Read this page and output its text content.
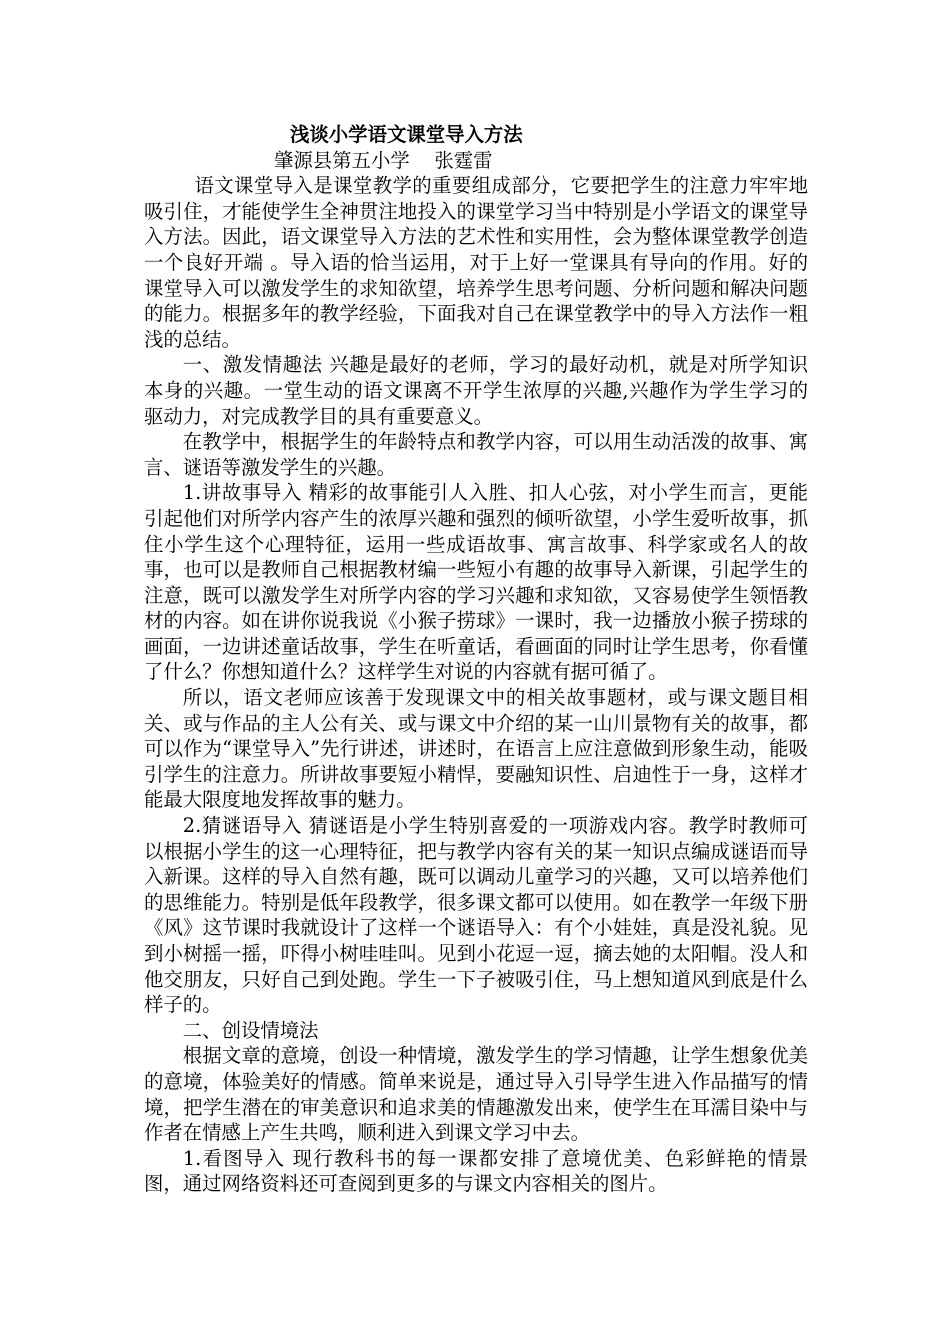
浅谈小学语文课堂导入方法

肇源县第五小学    张霆雷

语文课堂导入是课堂教学的重要组成部分，它要把学生的注意力牢牢地吸引住，才能使学生全神贯注地投入的课堂学习当中特别是小学语文的课堂导入方法。因此，语文课堂导入方法的艺术性和实用性，会为整体课堂教学创造一个良好开端 。导入语的恰当运用，对于上好一堂课具有导向的作用。好的课堂导入可以激发学生的求知欲望，培养学生思考问题、分析问题和解决问题的能力。根据多年的教学经验，下面我对自己在课堂教学中的导入方法作一粗浅的总结。

一、激发情趣法 兴趣是最好的老师，学习的最好动机，就是对所学知识本身的兴趣。一堂生动的语文课离不开学生浓厚的兴趣,兴趣作为学生学习的驱动力，对完成教学目的具有重要意义。

在教学中，根据学生的年龄特点和教学内容，可以用生动活泼的故事、寓言、谜语等激发学生的兴趣。

1.讲故事导入 精彩的故事能引人入胜、扣人心弦，对小学生而言，更能引起他们对所学内容产生的浓厚兴趣和强烈的倾听欲望，小学生爱听故事，抓住小学生这个心理特征，运用一些成语故事、寓言故事、科学家或名人的故事，也可以是教师自己根据教材编一些短小有趣的故事导入新课，引起学生的注意，既可以激发学生对所学内容的学习兴趣和求知欲，又容易使学生领悟教材的内容。如在讲你说我说《小猴子捞球》一课时，我一边播放小猴子捞球的画面，一边讲述童话故事，学生在听童话，看画面的同时让学生思考，你看懂了什么？你想知道什么？这样学生对说的内容就有据可循了。

所以，语文老师应该善于发现课文中的相关故事题材，或与课文题目相关、或与作品的主人公有关、或与课文中介绍的某一山川景物有关的故事，都可以作为“课堂导入”先行讲述，讲述时，在语言上应注意做到形象生动，能吸引学生的注意力。所讲故事要短小精悍，要融知识性、启迪性于一身，这样才能最大限度地发挥故事的魅力。

2.猜谜语导入 猜谜语是小学生特别喜爱的一项游戏内容。教学时教师可以根据小学生的这一心理特征，把与教学内容有关的某一知识点编成谜语而导入新课。这样的导入自然有趣，既可以调动儿童学习的兴趣，又可以培养他们的思维能力。特别是低年段教学，很多课文都可以使用。如在教学一年级下册《风》这节课时我就设计了这样一个谜语导入：有个小娃娃，真是没礼貌。见到小树摇一摇，吓得小树哇哇叫。见到小花逗一逗，摘去她的太阳帽。没人和他交朋友，只好自己到处跑。学生一下子被吸引住，马上想知道风到底是什么样子的。

二、创设情境法

根据文章的意境，创设一种情境，激发学生的学习情趣，让学生想象优美的意境，体验美好的情感。简单来说是，通过导入引导学生进入作品描写的情境，把学生潜在的审美意识和追求美的情趣激发出来，使学生在耳濡目染中与作者在情感上产生共鸣，顺利进入到课文学习中去。

1.看图导入 现行教科书的每一课都安排了意境优美、色彩鲜艳的情景图，通过网络资料还可查阅到更多的与课文内容相关的图片。
